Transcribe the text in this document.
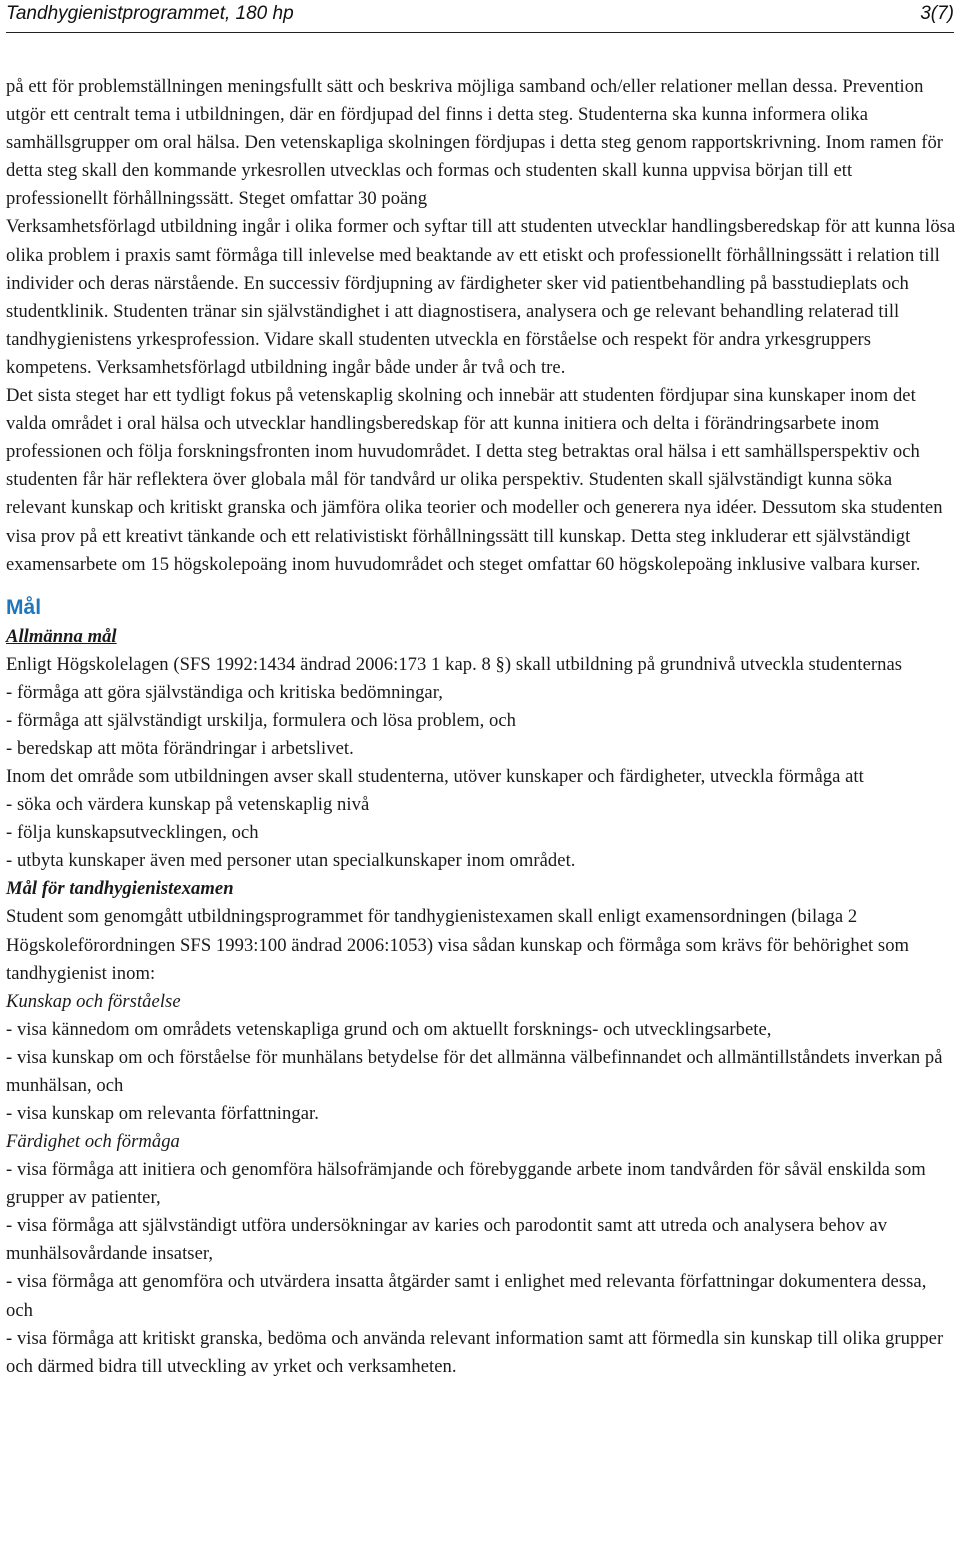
Tandhygienistprogrammet, 180 hp	3(7)

på ett för problemställningen meningsfullt sätt och beskriva möjliga samband och/eller relationer mellan dessa. Prevention utgör ett centralt tema i utbildningen, där en fördjupad del finns i detta steg. Studenterna ska kunna informera olika samhällsgrupper om oral hälsa. Den vetenskapliga skolningen fördjupas i detta steg genom rapportskrivning. Inom ramen för detta steg skall den kommande yrkesrollen utvecklas och formas och studenten skall kunna uppvisa början till ett professionellt förhållningssätt. Steget omfattar 30 poäng

Verksamhetsförlagd utbildning ingår i olika former och syftar till att studenten utvecklar handlingsberedskap för att kunna lösa olika problem i praxis samt förmåga till inlevelse med beaktande av ett etiskt och professionellt förhållningssätt i relation till individer och deras närstående. En successiv fördjupning av färdigheter sker vid patientbehandling på basstudieplats och studentklinik. Studenten tränar sin självständighet i att diagnostisera, analysera och ge relevant behandling relaterad till tandhygienistens yrkesprofession. Vidare skall studenten utveckla en förståelse och respekt för andra yrkesgruppers kompetens. Verksamhetsförlagd utbildning ingår både under år två och tre.

Det sista steget har ett tydligt fokus på vetenskaplig skolning och innebär att studenten fördjupar sina kunskaper inom det valda området i oral hälsa och utvecklar handlingsberedskap för att kunna initiera och delta i förändringsarbete inom professionen och följa forskningsfronten inom huvudområdet. I detta steg betraktas oral hälsa i ett samhällsperspektiv och studenten får här reflektera över globala mål för tandvård ur olika perspektiv. Studenten skall självständigt kunna söka relevant kunskap och kritiskt granska och jämföra olika teorier och modeller och generera nya idéer. Dessutom ska studenten visa prov på ett kreativt tänkande och ett relativistiskt förhållningssätt till kunskap. Detta steg inkluderar ett självständigt examensarbete om 15 högskolepoäng inom huvudområdet och steget omfattar 60 högskolepoäng inklusive valbara kurser.

Mål

Allmänna mål

Enligt Högskolelagen (SFS 1992:1434 ändrad 2006:173 1 kap. 8 §) skall utbildning på grundnivå utveckla studenternas

- förmåga att göra självständiga och kritiska bedömningar,
- förmåga att självständigt urskilja, formulera och lösa problem, och
- beredskap att möta förändringar i arbetslivet.

Inom det område som utbildningen avser skall studenterna, utöver kunskaper och färdigheter, utveckla förmåga att

- söka och värdera kunskap på vetenskaplig nivå
- följa kunskapsutvecklingen, och
- utbyta kunskaper även med personer utan specialkunskaper inom området.

Mål för tandhygienistexamen

Student som genomgått utbildningsprogrammet för tandhygienistexamen skall enligt examensordningen (bilaga 2 Högskoleförordningen SFS 1993:100 ändrad 2006:1053) visa sådan kunskap och förmåga som krävs för behörighet som tandhygienist inom:

Kunskap och förståelse

- visa kännedom om områdets vetenskapliga grund och om aktuellt forsknings- och utvecklingsarbete,
- visa kunskap om och förståelse för munhälans betydelse för det allmänna välbefinnandet och allmäntillståndets inverkan på munhälsan, och
- visa kunskap om relevanta författningar.

Färdighet och förmåga

- visa förmåga att initiera och genomföra hälsofrämjande och förebyggande arbete inom tandvården för såväl enskilda som grupper av patienter,
- visa förmåga att självständigt utföra undersökningar av karies och parodontit samt att utreda och analysera behov av munhälsovårdande insatser,
- visa förmåga att genomföra och utvärdera insatta åtgärder samt i enlighet med relevanta författningar dokumentera dessa, och
- visa förmåga att kritiskt granska, bedöma och använda relevant information samt att förmedla sin kunskap till olika grupper och därmed bidra till utveckling av yrket och verksamheten.
